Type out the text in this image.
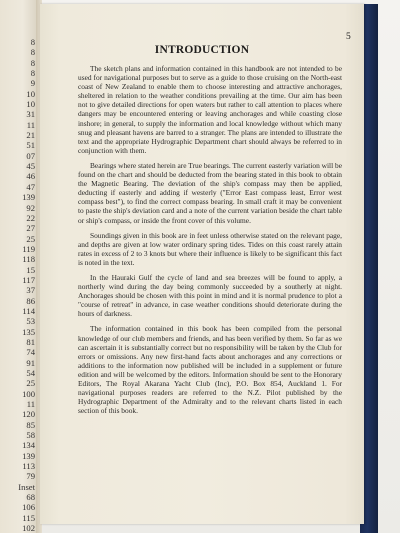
8
8
8
8
9
10
10
31
11
21
51
07
45
46
47
139
92
22
27
25
119
118
15
117
37
86
114
53
135
81
74
91
54
25
100
11
120
85
58
134
139
113
79
Inset
68
106
115
102
5
INTRODUCTION

The sketch plans and information contained in this handbook are not intended to be used for navigational purposes but to serve as a guide to those cruising on the North-east coast of New Zealand to enable them to choose interesting and attractive anchorages, sheltered in relation to the weather conditions prevailing at the time. Our aim has been not to give detailed directions for open waters but rather to call attention to places where dangers may be encountered entering or leaving anchorages and while coasting close inshore; in general, to supply the information and local knowledge without which many snug and pleasant havens are barred to a stranger. The plans are intended to illustrate the text and the appropriate Hydrographic Department chart should always be referred to in conjunction with them.

Bearings where stated herein are True bearings. The current easterly variation will be found on the chart and should be deducted from the bearing stated in this book to obtain the Magnetic Bearing. The deviation of the ship's compass may then be applied, deducting if easterly and adding if westerly ("Error East compass least, Error west compass best"), to find the correct compass bearing. In small craft it may be convenient to paste the ship's deviation card and a note of the current variation beside the chart table or ship's compass, or inside the front cover of this volume.

Soundings given in this book are in feet unless otherwise stated on the relevant page, and depths are given at low water ordinary spring tides. Tides on this coast rarely attain rates in excess of 2 to 3 knots but where their influence is likely to be significant this fact is noted in the text.

In the Hauraki Gulf the cycle of land and sea breezes will be found to apply, a northerly wind during the day being commonly succeeded by a southerly at night. Anchorages should be chosen with this point in mind and it is normal prudence to plot a "course of retreat" in advance, in case weather conditions should deteriorate during the hours of darkness.

The information contained in this book has been compiled from the personal knowledge of our club members and friends, and has been verified by them. So far as we can ascertain it is substantially correct but no responsibility will be taken by the Club for errors or omissions. Any new first-hand facts about anchorages and any corrections or additions to the information now published will be included in a supplement or future edition and will be welcomed by the editors. Information should be sent to the Honorary Editors, The Royal Akarana Yacht Club (Inc), P.O. Box 854, Auckland 1. For navigational purposes readers are referred to the N.Z. Pilot published by the Hydrographic Department of the Admiralty and to the relevant charts listed in each section of this book.
